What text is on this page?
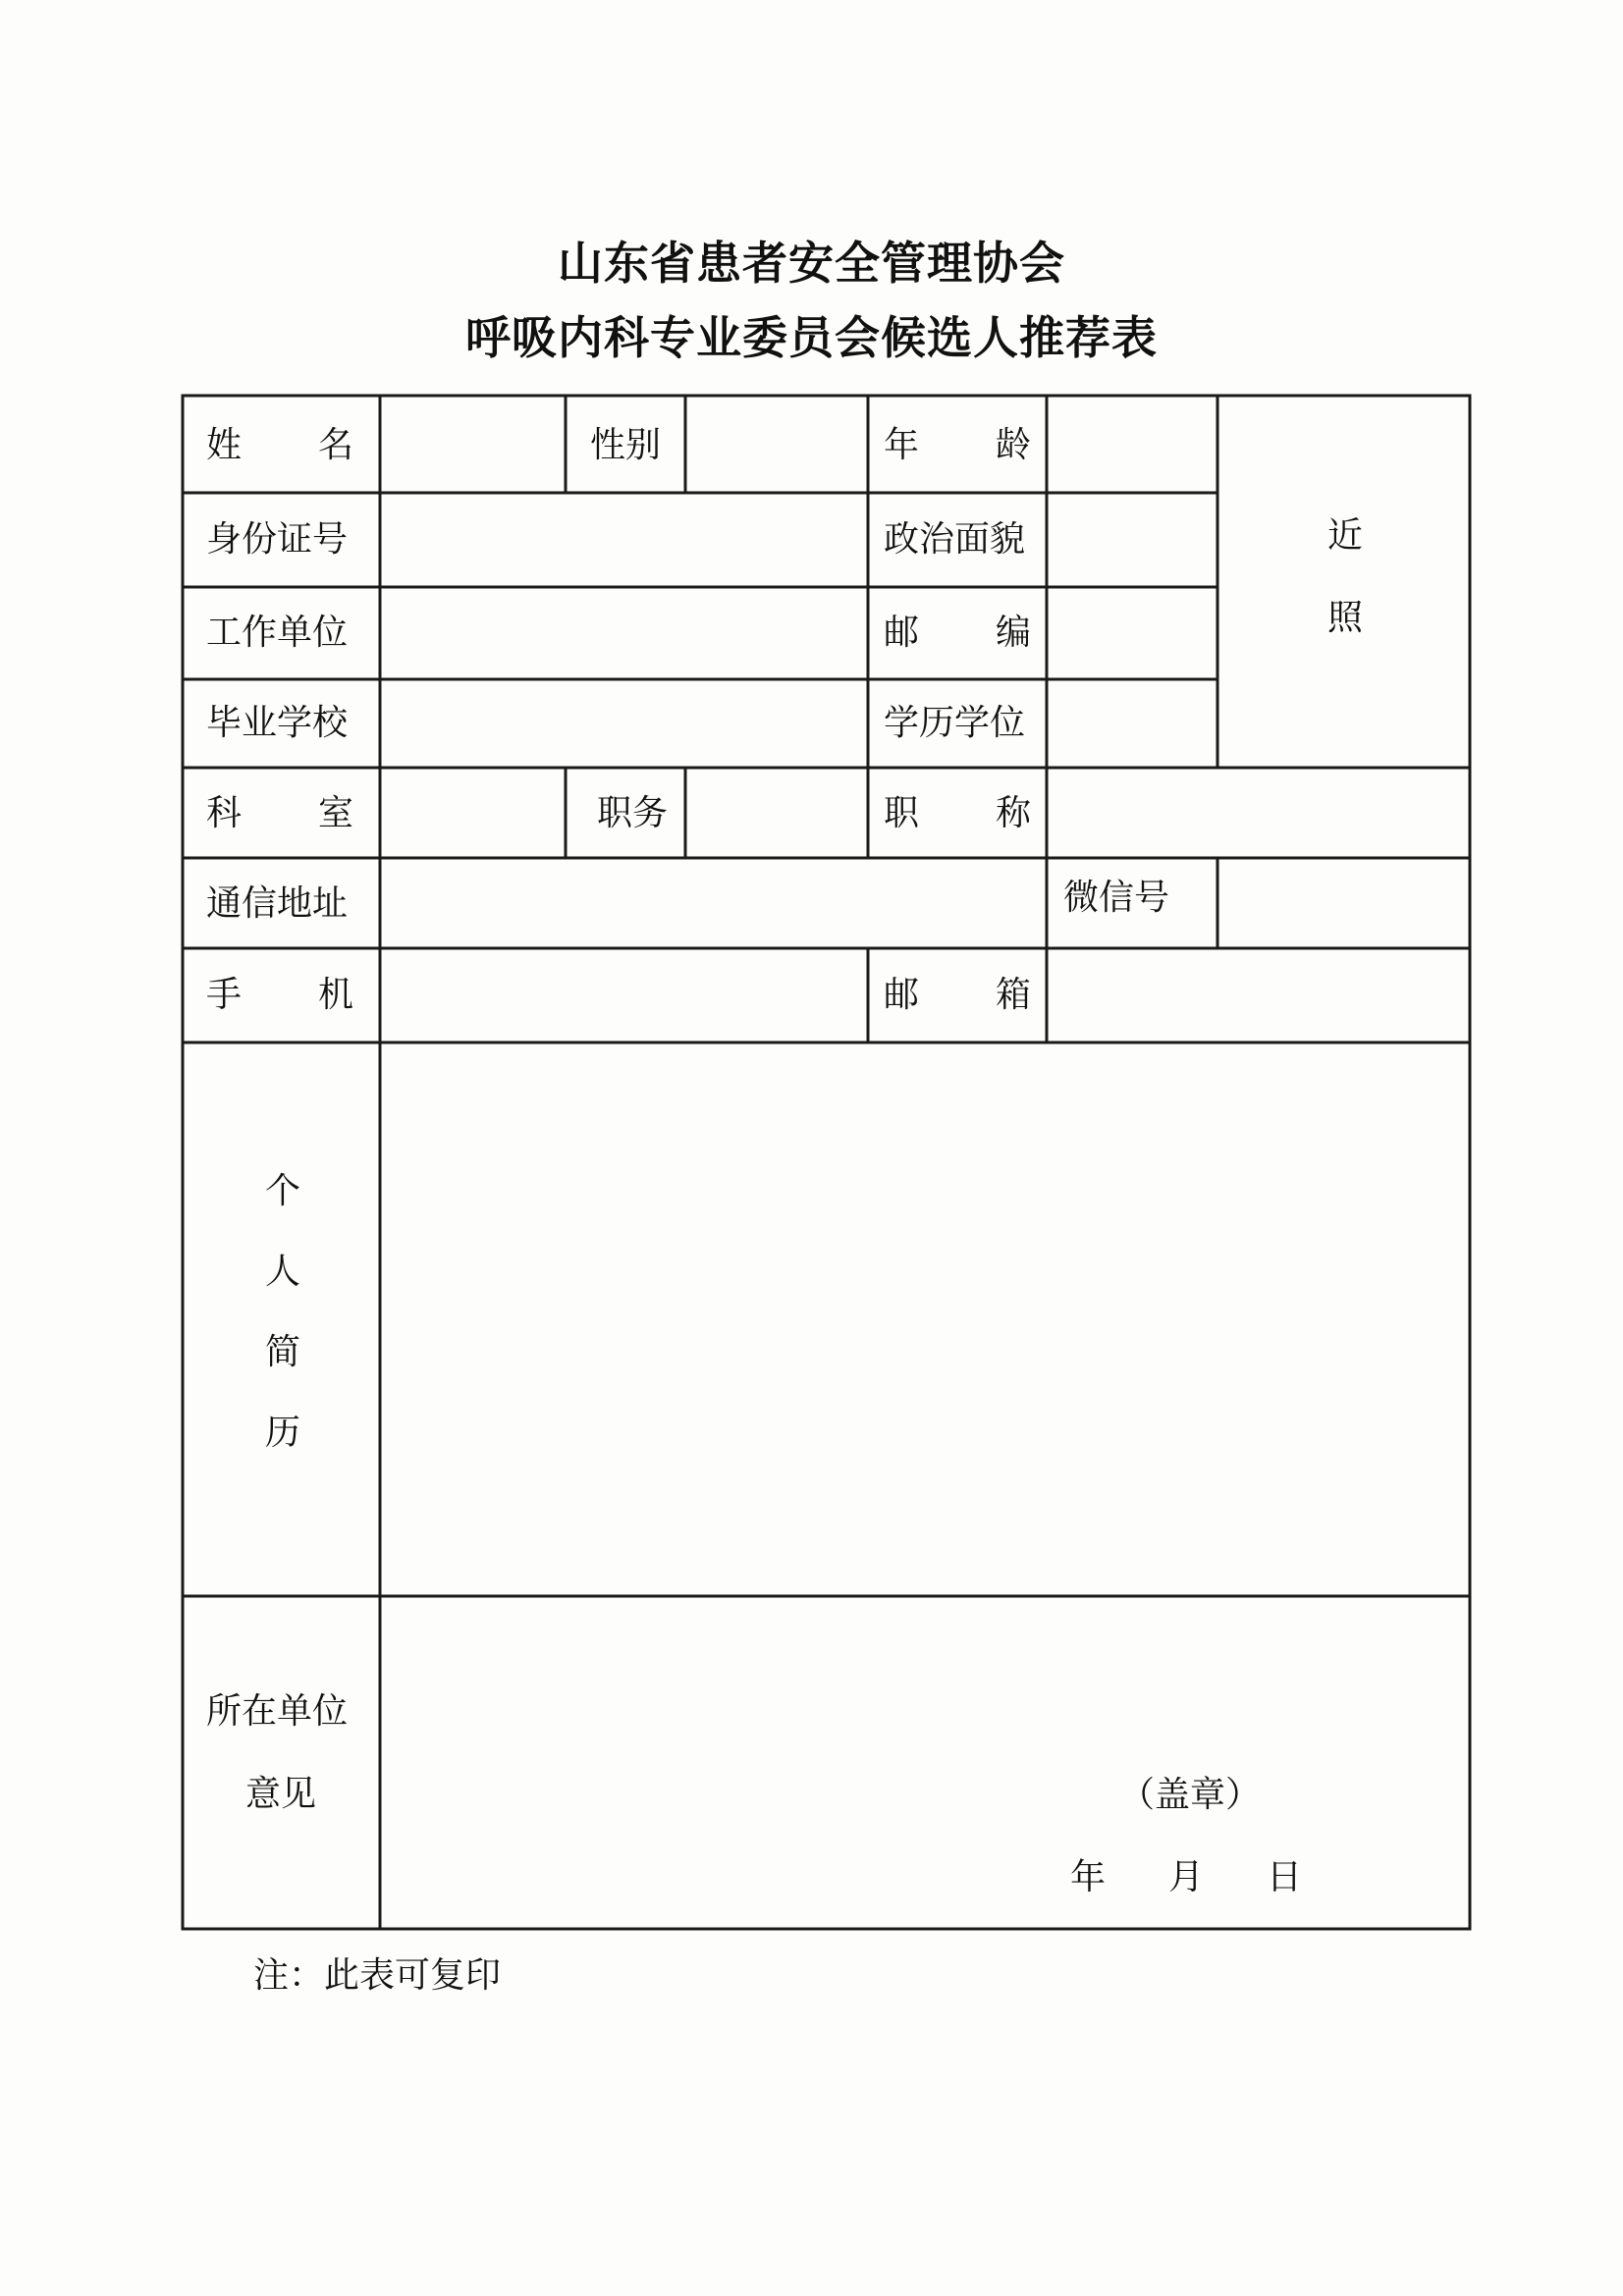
山东省患者安全管理协会
呼吸内科专业委员会候选人推荐表
姓 名	性别	年 龄
近
照
身份证号	政治面貌
工作单位	邮 编
毕业学校	学历学位
科 室	职务	职 称
通信地址	微信号
手 机	邮 箱
个
人
简
历
所在单位
意见	（盖章）
年 月 日
注：此表可复印
